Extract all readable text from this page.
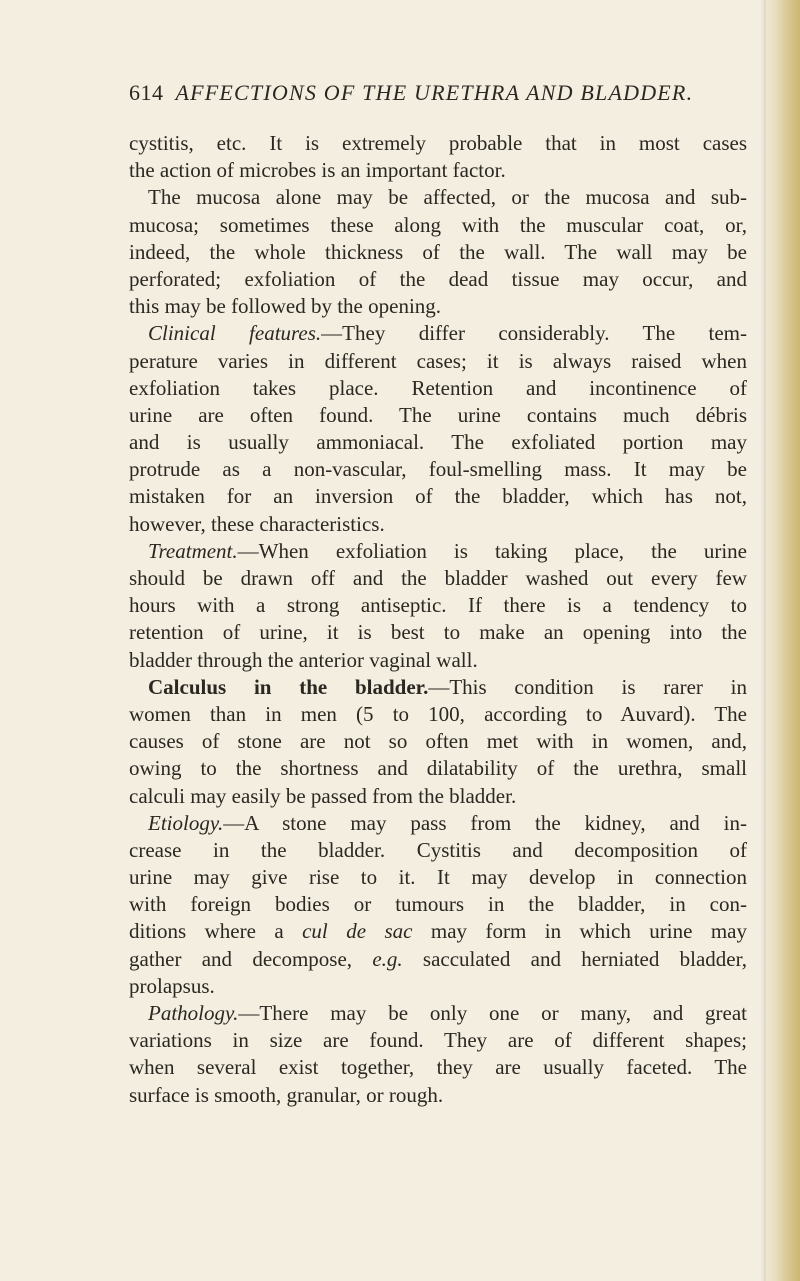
614 AFFECTIONS OF THE URETHRA AND BLADDER.
cystitis, etc. It is extremely probable that in most cases
the action of microbes is an important factor.
The mucosa alone may be affected, or the mucosa and sub-
mucosa; sometimes these along with the muscular coat, or,
indeed, the whole thickness of the wall. The wall may be
perforated; exfoliation of the dead tissue may occur, and
this may be followed by the opening.
Clinical features.—They differ considerably. The tem-
perature varies in different cases; it is always raised when
exfoliation takes place. Retention and incontinence of
urine are often found. The urine contains much débris
and is usually ammoniacal. The exfoliated portion may
protrude as a non-vascular, foul-smelling mass. It may be
mistaken for an inversion of the bladder, which has not,
however, these characteristics.
Treatment.—When exfoliation is taking place, the urine
should be drawn off and the bladder washed out every few
hours with a strong antiseptic. If there is a tendency to
retention of urine, it is best to make an opening into the
bladder through the anterior vaginal wall.
Calculus in the bladder.—This condition is rarer in
women than in men (5 to 100, according to Auvard). The
causes of stone are not so often met with in women, and,
owing to the shortness and dilatability of the urethra, small
calculi may easily be passed from the bladder.
Etiology.—A stone may pass from the kidney, and in-
crease in the bladder. Cystitis and decomposition of
urine may give rise to it. It may develop in connection
with foreign bodies or tumours in the bladder, in con-
ditions where a cul de sac may form in which urine may
gather and decompose, e.g. sacculated and herniated bladder,
prolapsus.
Pathology.—There may be only one or many, and great
variations in size are found. They are of different shapes;
when several exist together, they are usually faceted. The
surface is smooth, granular, or rough.
